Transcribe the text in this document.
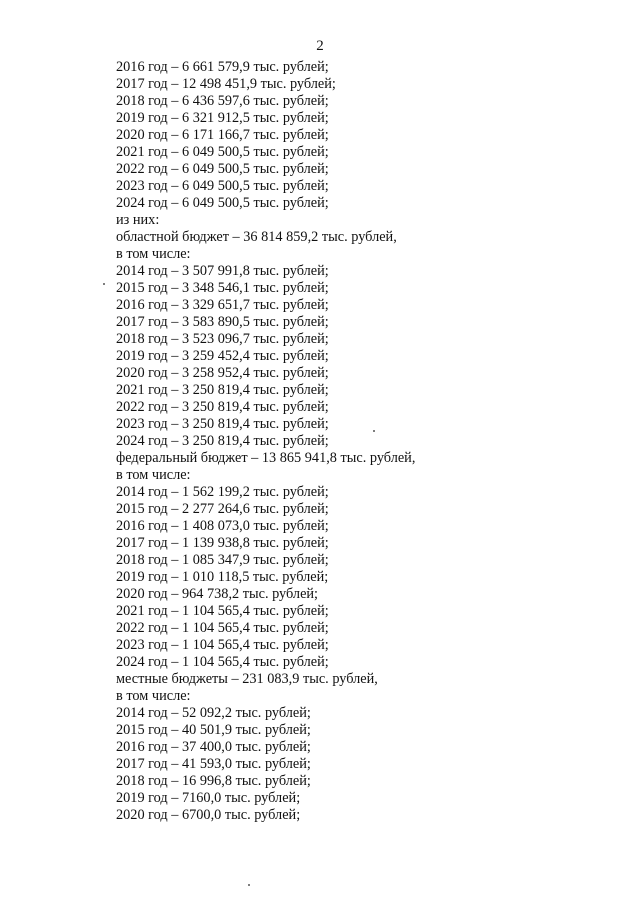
2
2016 год – 6 661 579,9 тыс. рублей;
2017 год – 12 498 451,9 тыс. рублей;
2018 год – 6 436 597,6 тыс. рублей;
2019 год – 6 321 912,5 тыс. рублей;
2020 год – 6 171 166,7 тыс. рублей;
2021 год – 6 049 500,5 тыс. рублей;
2022 год – 6 049 500,5 тыс. рублей;
2023 год – 6 049 500,5 тыс. рублей;
2024 год – 6 049 500,5 тыс. рублей;
из них:
областной бюджет – 36 814 859,2 тыс. рублей,
в том числе:
2014 год – 3 507 991,8 тыс. рублей;
2015 год – 3 348 546,1 тыс. рублей;
2016 год – 3 329 651,7 тыс. рублей;
2017 год – 3 583 890,5 тыс. рублей;
2018 год – 3 523 096,7 тыс. рублей;
2019 год – 3 259 452,4 тыс. рублей;
2020 год – 3 258 952,4 тыс. рублей;
2021 год – 3 250 819,4 тыс. рублей;
2022 год – 3 250 819,4 тыс. рублей;
2023 год – 3 250 819,4 тыс. рублей;
2024 год – 3 250 819,4 тыс. рублей;
федеральный бюджет – 13 865 941,8 тыс. рублей,
в том числе:
2014 год – 1 562 199,2 тыс. рублей;
2015 год – 2 277 264,6 тыс. рублей;
2016 год – 1 408 073,0 тыс. рублей;
2017 год – 1 139 938,8 тыс. рублей;
2018 год – 1 085 347,9 тыс. рублей;
2019 год – 1 010 118,5 тыс. рублей;
2020 год – 964 738,2 тыс. рублей;
2021 год – 1 104 565,4 тыс. рублей;
2022 год – 1 104 565,4 тыс. рублей;
2023 год – 1 104 565,4 тыс. рублей;
2024 год – 1 104 565,4 тыс. рублей;
местные бюджеты – 231 083,9 тыс. рублей,
в том числе:
2014 год – 52 092,2 тыс. рублей;
2015 год – 40 501,9 тыс. рублей;
2016 год – 37 400,0 тыс. рублей;
2017 год – 41 593,0 тыс. рублей;
2018 год – 16 996,8 тыс. рублей;
2019 год – 7160,0 тыс. рублей;
2020 год – 6700,0 тыс. рублей;
